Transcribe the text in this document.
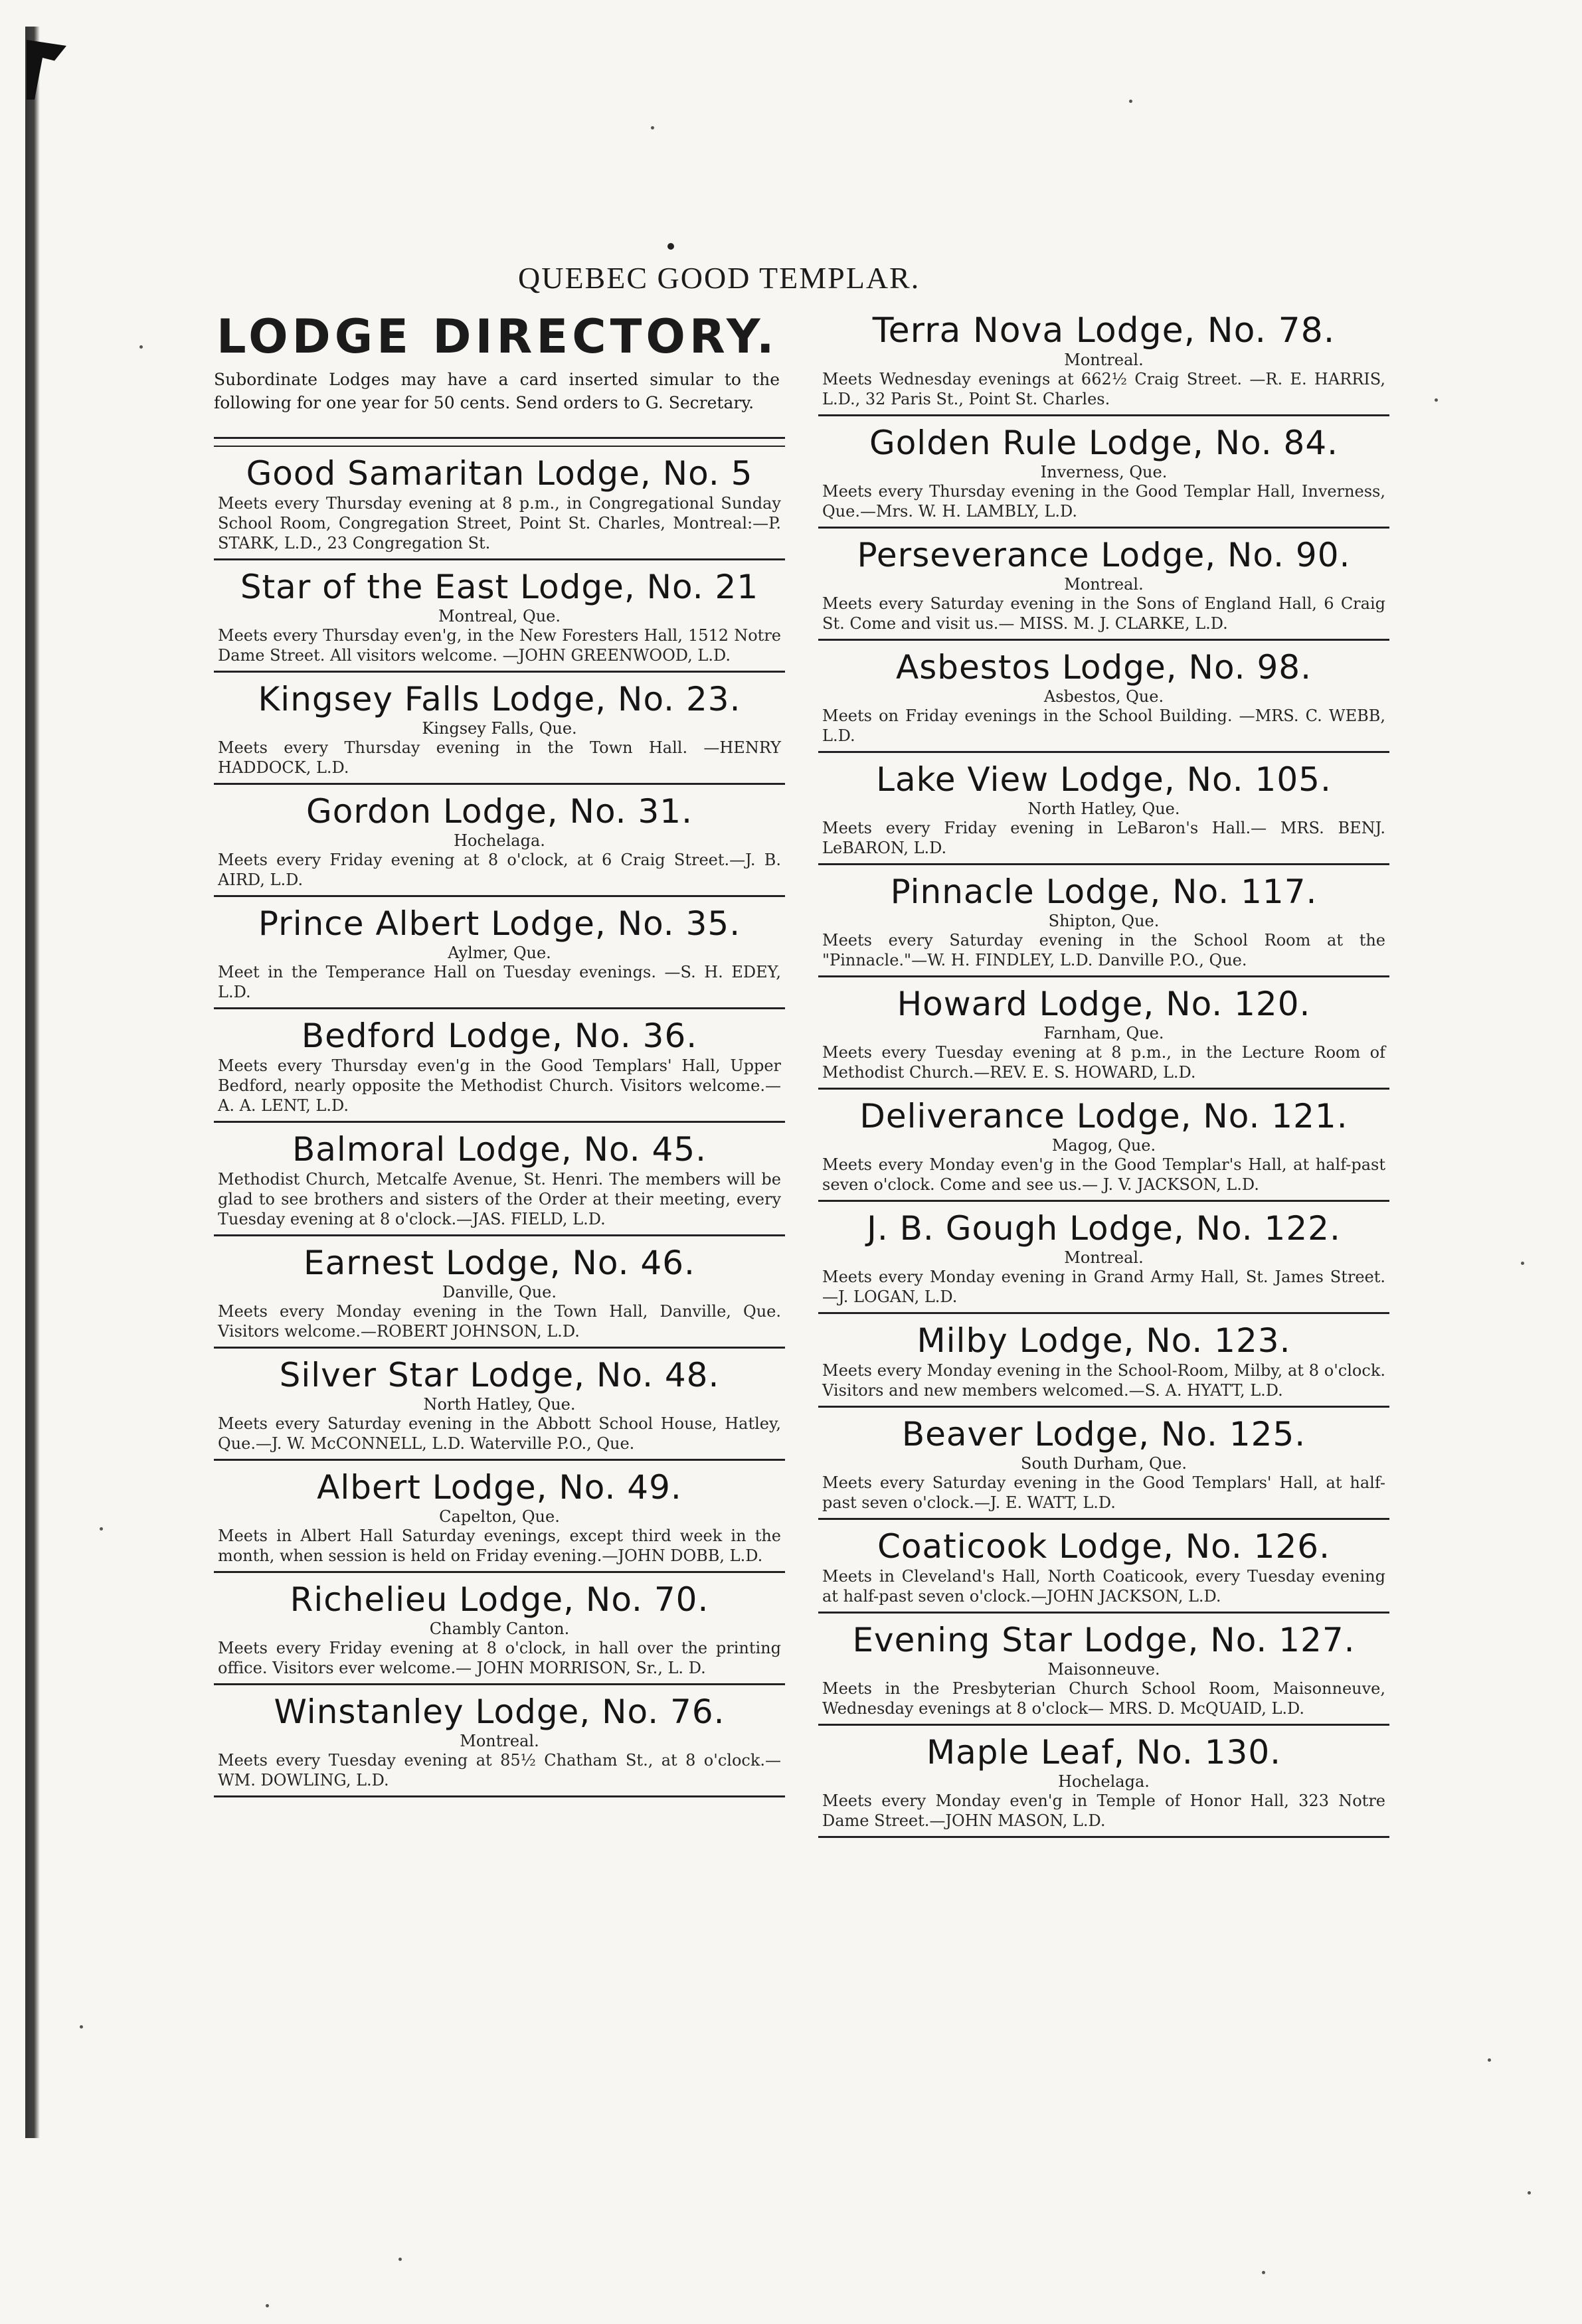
QUEBEC GOOD TEMPLAR.
LODGE DIRECTORY.

Subordinate Lodges may have a card inserted simular to the following for one year for 50 cents. Send orders to G. Secretary.

Good Samaritan Lodge, No. 5
Meets every Thursday evening at 8 p.m., in Congregational Sunday School Room, Congregation Street, Point St. Charles, Montreal:—P. STARK, L.D., 23 Congregation St.
Star of the East Lodge, No. 21
Montreal, Que.
Meets every Thursday even'g, in the New Foresters Hall, 1512 Notre Dame Street. All visitors welcome. —JOHN GREENWOOD, L.D.
Kingsey Falls Lodge, No. 23.
Kingsey Falls, Que.
Meets every Thursday evening in the Town Hall. —HENRY HADDOCK, L.D.
Gordon Lodge, No. 31.
Hochelaga.
Meets every Friday evening at 8 o'clock, at 6 Craig Street.—J. B. AIRD, L.D.
Prince Albert Lodge, No. 35.
Aylmer, Que.
Meet in the Temperance Hall on Tuesday evenings. —S. H. EDEY, L.D.
Bedford Lodge, No. 36.
Meets every Thursday even'g in the Good Templars' Hall, Upper Bedford, nearly opposite the Methodist Church. Visitors welcome.—A. A. LENT, L.D.
Balmoral Lodge, No. 45.
Methodist Church, Metcalfe Avenue, St. Henri. The members will be glad to see brothers and sisters of the Order at their meeting, every Tuesday evening at 8 o'clock.—JAS. FIELD, L.D.
Earnest Lodge, No. 46.
Danville, Que.
Meets every Monday evening in the Town Hall, Danville, Que. Visitors welcome.—ROBERT JOHNSON, L.D.
Silver Star Lodge, No. 48.
North Hatley, Que.
Meets every Saturday evening in the Abbott School House, Hatley, Que.—J. W. McCONNELL, L.D. Waterville P.O., Que.
Albert Lodge, No. 49.
Capelton, Que.
Meets in Albert Hall Saturday evenings, except third week in the month, when session is held on Friday evening.—JOHN DOBB, L.D.
Richelieu Lodge, No. 70.
Chambly Canton.
Meets every Friday evening at 8 o'clock, in hall over the printing office. Visitors ever welcome.— JOHN MORRISON, Sr., L. D.
Winstanley Lodge, No. 76.
Montreal.
Meets every Tuesday evening at 85½ Chatham St., at 8 o'clock.—WM. DOWLING, L.D.
Terra Nova Lodge, No. 78.
Montreal.
Meets Wednesday evenings at 662½ Craig Street. —R. E. HARRIS, L.D., 32 Paris St., Point St. Charles.
Golden Rule Lodge, No. 84.
Inverness, Que.
Meets every Thursday evening in the Good Templar Hall, Inverness, Que.—Mrs. W. H. LAMBLY, L.D.
Perseverance Lodge, No. 90.
Montreal.
Meets every Saturday evening in the Sons of England Hall, 6 Craig St. Come and visit us.— MISS. M. J. CLARKE, L.D.
Asbestos Lodge, No. 98.
Asbestos, Que.
Meets on Friday evenings in the School Building. —MRS. C. WEBB, L.D.
Lake View Lodge, No. 105.
North Hatley, Que.
Meets every Friday evening in LeBaron's Hall.— MRS. BENJ. LeBARON, L.D.
Pinnacle Lodge, No. 117.
Shipton, Que.
Meets every Saturday evening in the School Room at the "Pinnacle."—W. H. FINDLEY, L.D. Danville P.O., Que.
Howard Lodge, No. 120.
Farnham, Que.
Meets every Tuesday evening at 8 p.m., in the Lecture Room of Methodist Church.—REV. E. S. HOWARD, L.D.
Deliverance Lodge, No. 121.
Magog, Que.
Meets every Monday even'g in the Good Templar's Hall, at half-past seven o'clock. Come and see us.— J. V. JACKSON, L.D.
J. B. Gough Lodge, No. 122.
Montreal.
Meets every Monday evening in Grand Army Hall, St. James Street.—J. LOGAN, L.D.
Milby Lodge, No. 123.
Meets every Monday evening in the School-Room, Milby, at 8 o'clock. Visitors and new members welcomed.—S. A. HYATT, L.D.
Beaver Lodge, No. 125.
South Durham, Que.
Meets every Saturday evening in the Good Templars' Hall, at half-past seven o'clock.—J. E. WATT, L.D.
Coaticook Lodge, No. 126.
Meets in Cleveland's Hall, North Coaticook, every Tuesday evening at half-past seven o'clock.—JOHN JACKSON, L.D.
Evening Star Lodge, No. 127.
Maisonneuve.
Meets in the Presbyterian Church School Room, Maisonneuve, Wednesday evenings at 8 o'clock— MRS. D. McQUAID, L.D.
Maple Leaf, No. 130.
Hochelaga.
Meets every Monday even'g in Temple of Honor Hall, 323 Notre Dame Street.—JOHN MASON, L.D.
